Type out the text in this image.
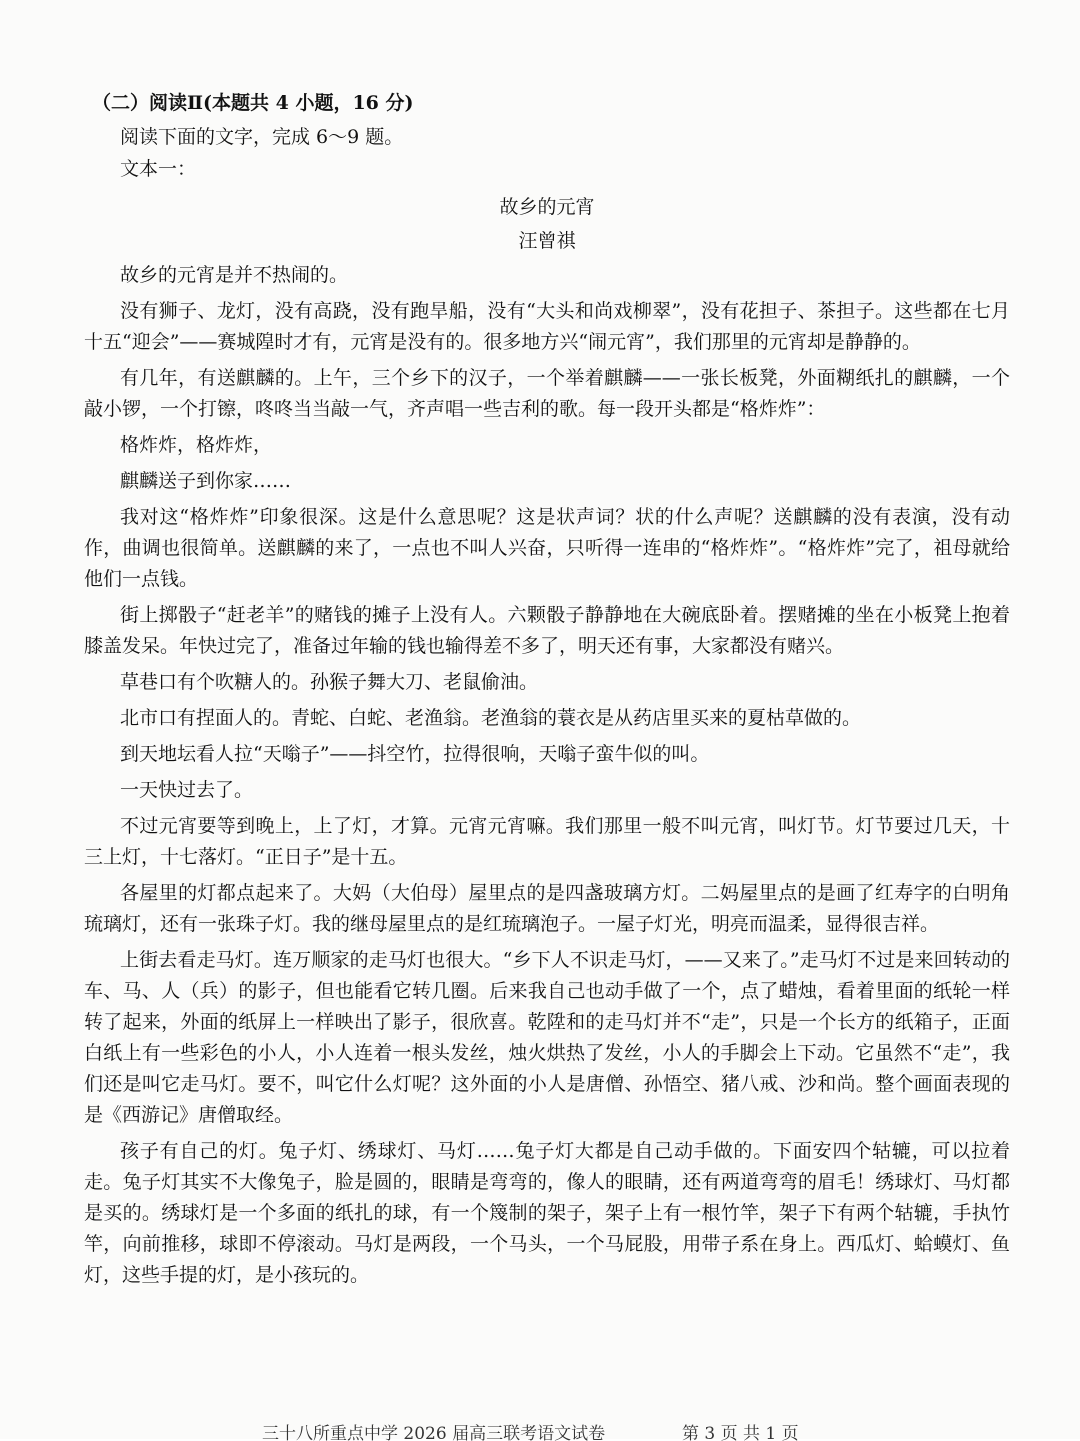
（二）阅读Ⅱ(本题共 4 小题，16 分)
阅读下面的文字，完成 6～9 题。
文本一：
故乡的元宵
汪曾祺

故乡的元宵是并不热闹的。

没有狮子、龙灯，没有高跷，没有跑旱船，没有“大头和尚戏柳翠”，没有花担子、茶担子。这些都在七月十五“迎会”——赛城隍时才有，元宵是没有的。很多地方兴“闹元宵”，我们那里的元宵却是静静的。

有几年，有送麒麟的。上午，三个乡下的汉子，一个举着麒麟——一张长板凳，外面糊纸扎的麒麟，一个敲小锣，一个打镲，咚咚当当敲一气，齐声唱一些吉利的歌。每一段开头都是“格炸炸”：

格炸炸，格炸炸，

麒麟送子到你家……

我对这“格炸炸”印象很深。这是什么意思呢？这是状声词？状的什么声呢？送麒麟的没有表演，没有动作，曲调也很简单。送麒麟的来了，一点也不叫人兴奋，只听得一连串的“格炸炸”。“格炸炸”完了，祖母就给他们一点钱。

街上掷骰子“赶老羊”的赌钱的摊子上没有人。六颗骰子静静地在大碗底卧着。摆赌摊的坐在小板凳上抱着膝盖发呆。年快过完了，准备过年输的钱也输得差不多了，明天还有事，大家都没有赌兴。

草巷口有个吹糖人的。孙猴子舞大刀、老鼠偷油。

北市口有捏面人的。青蛇、白蛇、老渔翁。老渔翁的蓑衣是从药店里买来的夏枯草做的。

到天地坛看人拉“天嗡子”——抖空竹，拉得很响，天嗡子蛮牛似的叫。

一天快过去了。

不过元宵要等到晚上，上了灯，才算。元宵元宵嘛。我们那里一般不叫元宵，叫灯节。灯节要过几天，十三上灯，十七落灯。“正日子”是十五。

各屋里的灯都点起来了。大妈（大伯母）屋里点的是四盏玻璃方灯。二妈屋里点的是画了红寿字的白明角琉璃灯，还有一张珠子灯。我的继母屋里点的是红琉璃泡子。一屋子灯光，明亮而温柔，显得很吉祥。

上街去看走马灯。连万顺家的走马灯也很大。“乡下人不识走马灯，——又来了。”走马灯不过是来回转动的车、马、人（兵）的影子，但也能看它转几圈。后来我自己也动手做了一个，点了蜡烛，看着里面的纸轮一样转了起来，外面的纸屏上一样映出了影子，很欣喜。乾陞和的走马灯并不“走”，只是一个长方的纸箱子，正面白纸上有一些彩色的小人，小人连着一根头发丝，烛火烘热了发丝，小人的手脚会上下动。它虽然不“走”，我们还是叫它走马灯。要不，叫它什么灯呢？这外面的小人是唐僧、孙悟空、猪八戒、沙和尚。整个画面表现的是《西游记》唐僧取经。

孩子有自己的灯。兔子灯、绣球灯、马灯……兔子灯大都是自己动手做的。下面安四个轱辘，可以拉着走。兔子灯其实不大像兔子，脸是圆的，眼睛是弯弯的，像人的眼睛，还有两道弯弯的眉毛！绣球灯、马灯都是买的。绣球灯是一个多面的纸扎的球，有一个篾制的架子，架子上有一根竹竿，架子下有两个轱辘，手执竹竿，向前推移，球即不停滚动。马灯是两段，一个马头，一个马屁股，用带子系在身上。西瓜灯、蛤蟆灯、鱼灯，这些手提的灯，是小孩玩的。

三十八所重点中学 2026 届高三联考语文试卷	第 3 页 共 1 页
